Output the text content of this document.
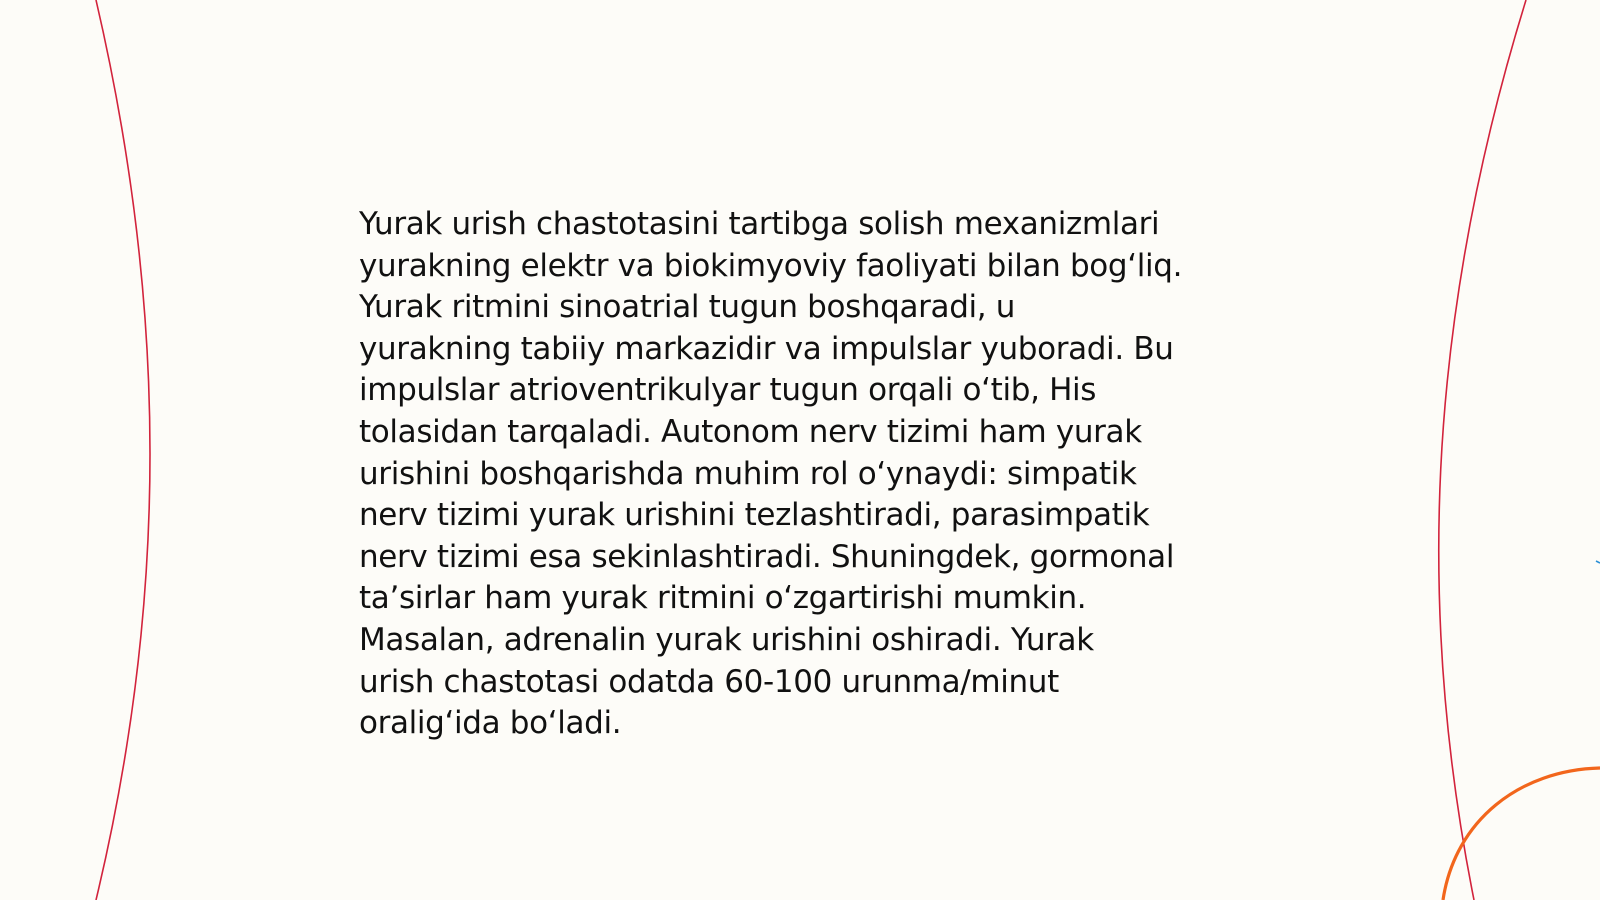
Yurak urish chastotasini tartibga solish mexanizmlari
yurakning elektr va biokimyoviy faoliyati bilan bog‘liq.
Yurak ritmini sinoatrial tugun boshqaradi, u
yurakning tabiiy markazidir va impulslar yuboradi. Bu
impulslar atrioventrikulyar tugun orqali o‘tib, His
tolasidan tarqaladi. Autonom nerv tizimi ham yurak
urishini boshqarishda muhim rol o‘ynaydi: simpatik
nerv tizimi yurak urishini tezlashtiradi, parasimpatik
nerv tizimi esa sekinlashtiradi. Shuningdek, gormonal
ta’sirlar ham yurak ritmini o‘zgartirishi mumkin.
Masalan, adrenalin yurak urishini oshiradi. Yurak
urish chastotasi odatda 60-100 urunma/minut
oralig‘ida bo‘ladi.
